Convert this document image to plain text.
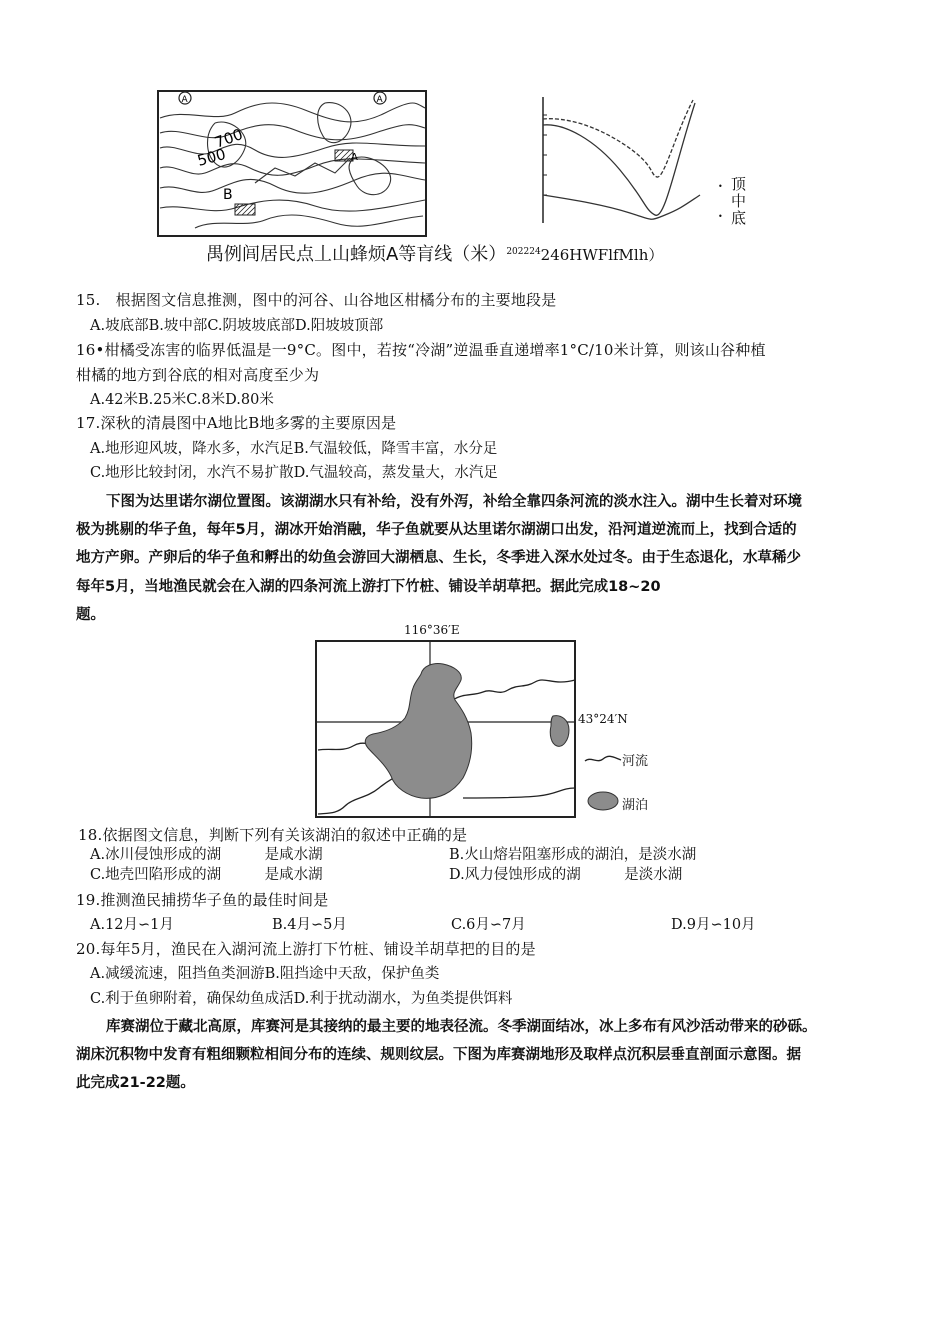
A	A
700
500
B
A
顶
中
底
•
•
禺例闾居民点丄山蜂烦A等肓线（米）$^{202224}$246HWFlfMlh）
15.　根据图文信息推测，图中的河谷、山谷地区柑橘分布的主要地段是
A.坡底部B.坡中部C.阴坡坡底部D.阳坡坡顶部
16•柑橘受冻害的临界低温是一9°C。图中，若按“冷湖”逆温垂直递增率1°C/10米计算，则该山谷种植
柑橘的地方到谷底的相对高度至少为
A.42米B.25米C.8米D.80米
17.深秋的清晨图中A地比B地多雾的主要原因是
A.地形迎风坡，降水多，水汽足B.气温较低，降雪丰富，水分足
C.地形比较封闭，水汽不易扩散D.气温较高，蒸发量大，水汽足
下图为达里诺尔湖位置图。该湖湖水只有补给，没有外泻，补给全靠四条河流的淡水注入。湖中生长着对环境
极为挑剔的华子鱼，每年5月，湖冰开始消融，华子鱼就要从达里诺尔湖湖口出发，沿河道逆流而上，找到合适的
地方产卵。产卵后的华子鱼和孵出的幼鱼会游回大湖栖息、生长，冬季进入深水处过冬。由于生态退化，水草稀少
每年5月，当地渔民就会在入湖的四条河流上游打下竹桩、铺设羊胡草把。据此完成18~20
题。
116°36′E
43°24′N
河流
湖泊
18.依据图文信息，判断下列有关该湖泊的叙述中正确的是
A.冰川侵蚀形成的湖　　　是咸水湖	B.火山熔岩阻塞形成的湖泊，是淡水湖
C.地壳凹陷形成的湖　　　是咸水湖	D.风力侵蚀形成的湖　　　是淡水湖
19.推测渔民捕捞华子鱼的最佳时间是
A.12月∽1月	B.4月∽5月	C.6月∽7月	D.9月∽10月
20.每年5月，渔民在入湖河流上游打下竹桩、铺设羊胡草把的目的是
A.减缓流速，阻挡鱼类洄游B.阻挡途中天敌，保护鱼类
C.利于鱼卵附着，确保幼鱼成活D.利于扰动湖水，为鱼类提供饵料
库赛湖位于藏北高原，库赛河是其接纳的最主要的地表径流。冬季湖面结冰，冰上多布有风沙活动带来的砂砾。
湖床沉积物中发育有粗细颗粒相间分布的连续、规则纹层。下图为库赛湖地形及取样点沉积层垂直剖面示意图。据
此完成21-22题。
